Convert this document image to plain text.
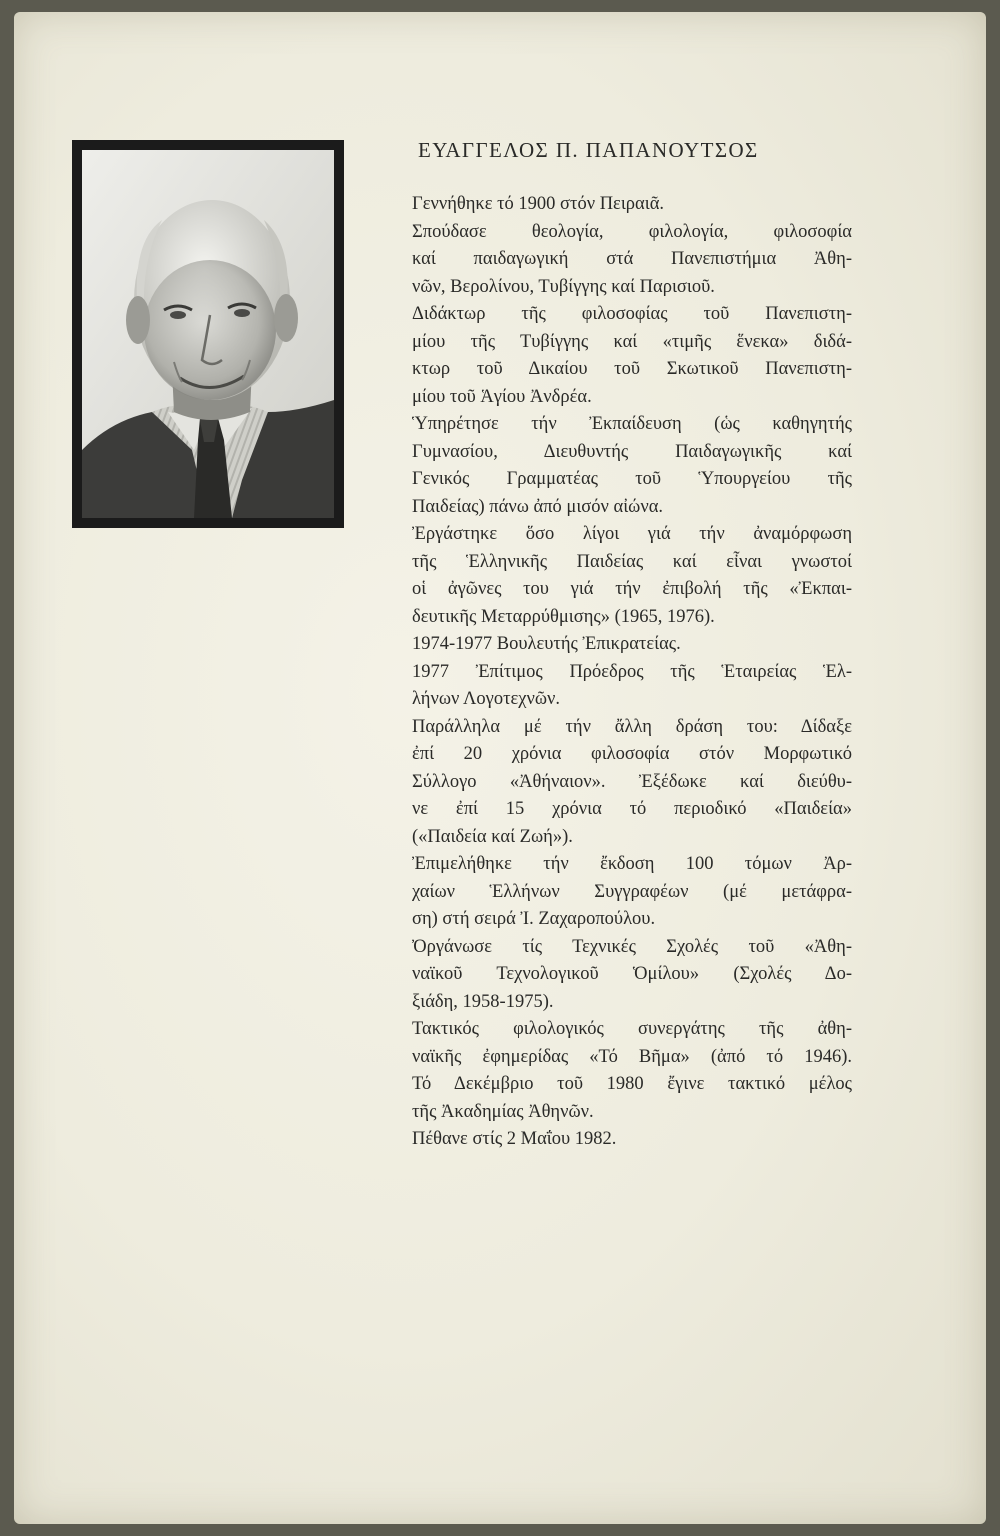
ΕΥΑΓΓΕΛΟΣ Π. ΠΑΠΑΝΟΥΤΣΟΣ
Γεννήθηκε τό 1900 στόν Πειραιᾶ.
Σπούδασε θεολογία, φιλολογία, φιλοσοφία
καί παιδαγωγική στά Πανεπιστήμια Ἀθη-
νῶν, Βερολίνου, Τυβίγγης καί Παρισιοῦ.
Διδάκτωρ τῆς φιλοσοφίας τοῦ Πανεπιστη-
μίου τῆς Τυβίγγης καί «τιμῆς ἕνεκα» διδά-
κτωρ τοῦ Δικαίου τοῦ Σκωτικοῦ Πανεπιστη-
μίου τοῦ Ἁγίου Ἀνδρέα.
Ὑπηρέτησε τήν Ἐκπαίδευση (ὡς καθηγητής
Γυμνασίου, Διευθυντής Παιδαγωγικῆς καί
Γενικός Γραμματέας τοῦ Ὑπουργείου τῆς
Παιδείας) πάνω ἀπό μισόν αἰώνα.
Ἐργάστηκε ὅσο λίγοι γιά τήν ἀναμόρφωση
τῆς Ἑλληνικῆς Παιδείας καί εἶναι γνωστοί
οἱ ἀγῶνες του γιά τήν ἐπιβολή τῆς «Ἐκπαι-
δευτικῆς Μεταρρύθμισης» (1965, 1976).
1974-1977 Βουλευτής Ἐπικρατείας.
1977 Ἐπίτιμος Πρόεδρος τῆς Ἑταιρείας Ἑλ-
λήνων Λογοτεχνῶν.
Παράλληλα μέ τήν ἄλλη δράση του: Δίδαξε
ἐπί 20 χρόνια φιλοσοφία στόν Μορφωτικό
Σύλλογο «Ἀθήναιον». Ἐξέδωκε καί διεύθυ-
νε ἐπί 15 χρόνια τό περιοδικό «Παιδεία»
(«Παιδεία καί Ζωή»).
Ἐπιμελήθηκε τήν ἔκδοση 100 τόμων Ἀρ-
χαίων Ἑλλήνων Συγγραφέων (μέ μετάφρα-
ση) στή σειρά Ἰ. Ζαχαροπούλου.
Ὀργάνωσε τίς Τεχνικές Σχολές τοῦ «Ἀθη-
ναϊκοῦ Τεχνολογικοῦ Ὁμίλου» (Σχολές Δο-
ξιάδη, 1958-1975).
Τακτικός φιλολογικός συνεργάτης τῆς ἀθη-
ναϊκῆς ἐφημερίδας «Τό Βῆμα» (ἀπό τό 1946).
Τό Δεκέμβριο τοῦ 1980 ἔγινε τακτικό μέλος
τῆς Ἀκαδημίας Ἀθηνῶν.
Πέθανε στίς 2 Μαΐου 1982.
